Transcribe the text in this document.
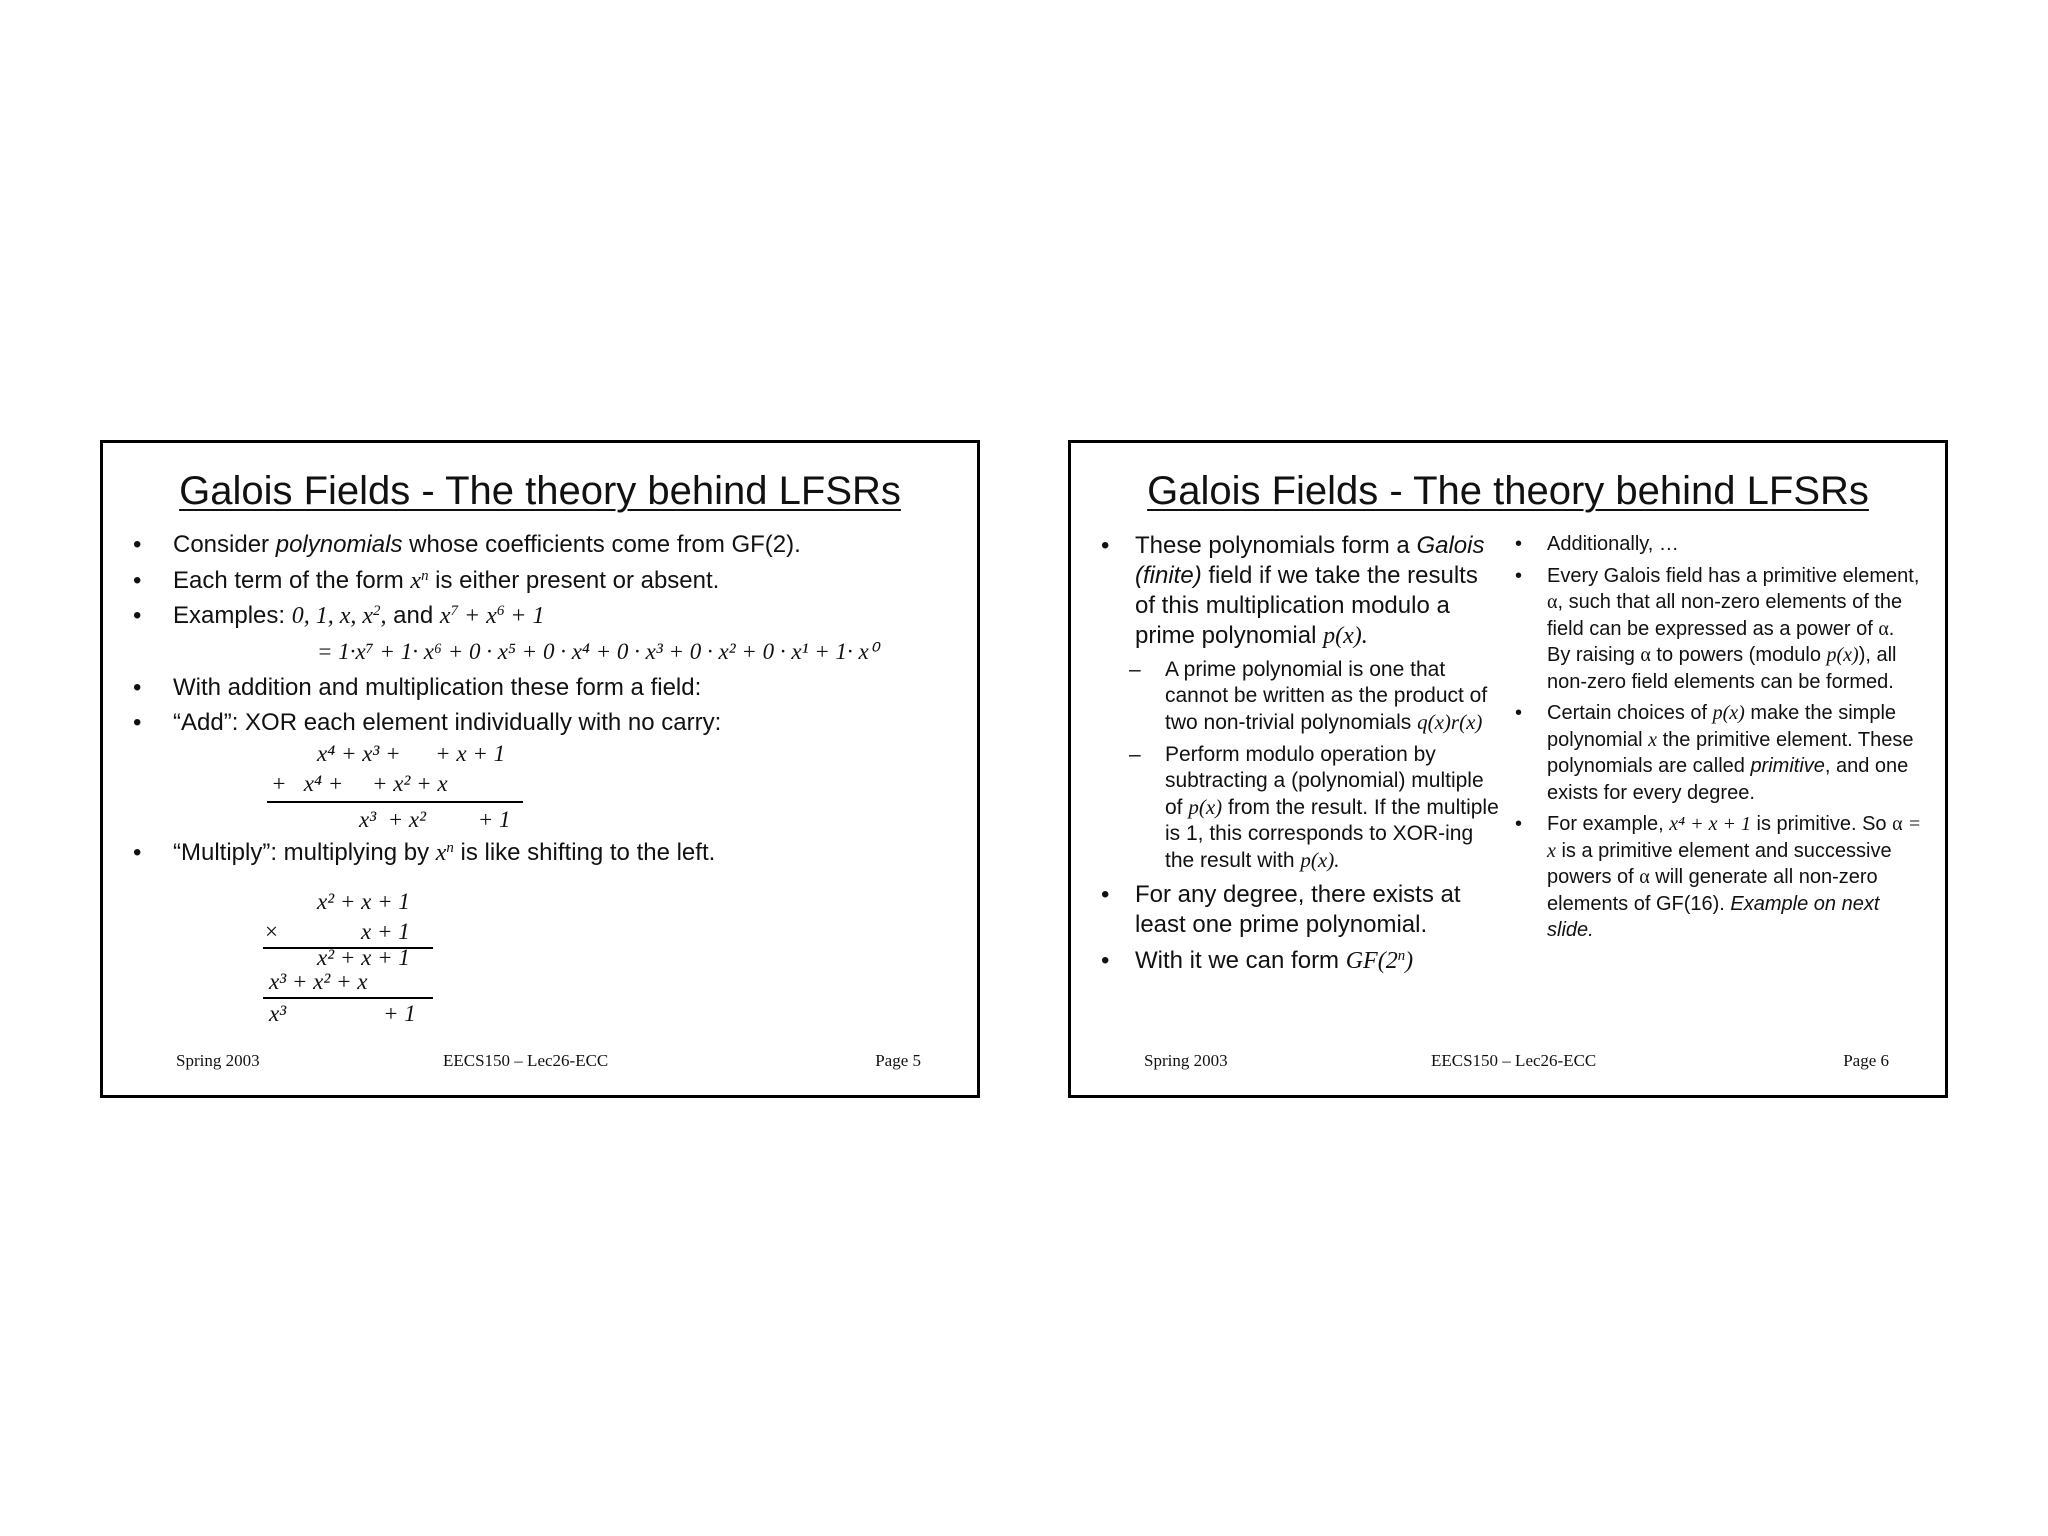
Galois Fields - The theory behind LFSRs
• Consider polynomials whose coefficients come from GF(2).
• Each term of the form $x^n$ is either present or absent.
• Examples: 0, 1, x, $x^2$, and $x^7 + x^6 + 1$
= 1·x⁷ + 1· x⁶ + 0 · x⁵ + 0 · x⁴ + 0 · x³ + 0 · x² + 0 · x¹ + 1· x⁰
• With addition and multiplication these form a field:
• “Add”: XOR each element individually with no carry:
x⁴ + x³ +      + x + 1
+   x⁴ +     + x² + x
x³  + x²         + 1
• “Multiply”: multiplying by $x^n$ is like shifting to the left.
x² + x + 1
×	x + 1
x² + x + 1
x³ + x² + x
x³	+ 1
Spring 2003	EECS150 – Lec26-ECC	Page 5
Galois Fields - The theory behind LFSRs
• These polynomials form a Galois (finite) field if we take the results of this multiplication modulo a prime polynomial p(x).
– A prime polynomial is one that cannot be written as the product of two non-trivial polynomials q(x)r(x)
– Perform modulo operation by subtracting a (polynomial) multiple of p(x) from the result. If the multiple is 1, this corresponds to XOR-ing the result with p(x).
• For any degree, there exists at least one prime polynomial.
• With it we can form GF(2$^n$)
• Additionally, …
• Every Galois field has a primitive element, α, such that all non-zero elements of the field can be expressed as a power of α. By raising α to powers (modulo p(x)), all non-zero field elements can be formed.
• Certain choices of p(x) make the simple polynomial x the primitive element. These polynomials are called primitive, and one exists for every degree.
• For example, x⁴ + x + 1 is primitive. So α = x is a primitive element and successive powers of α will generate all non-zero elements of GF(16). Example on next slide.
Spring 2003	EECS150 – Lec26-ECC	Page 6
